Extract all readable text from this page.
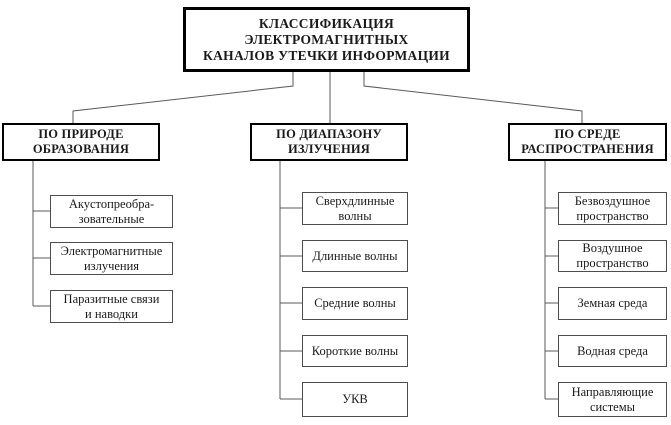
КЛАССИФИКАЦИЯ
ЭЛЕКТРОМАГНИТНЫХ
КАНАЛОВ УТЕЧКИ ИНФОРМАЦИИ
ПО ПРИРОДЕ
ОБРАЗОВАНИЯ
ПО ДИАПАЗОНУ
ИЗЛУЧЕНИЯ
ПО СРЕДЕ
РАСПРОСТРАНЕНИЯ
Акустопреобра-
зовательные
Электромагнитные
излучения
Паразитные связи
и наводки
Сверхдлинные
волны
Длинные волны
Средние волны
Короткие волны
УКВ
Безвоздушное
пространство
Воздушное
пространство
Земная среда
Водная среда
Направляющие
системы
